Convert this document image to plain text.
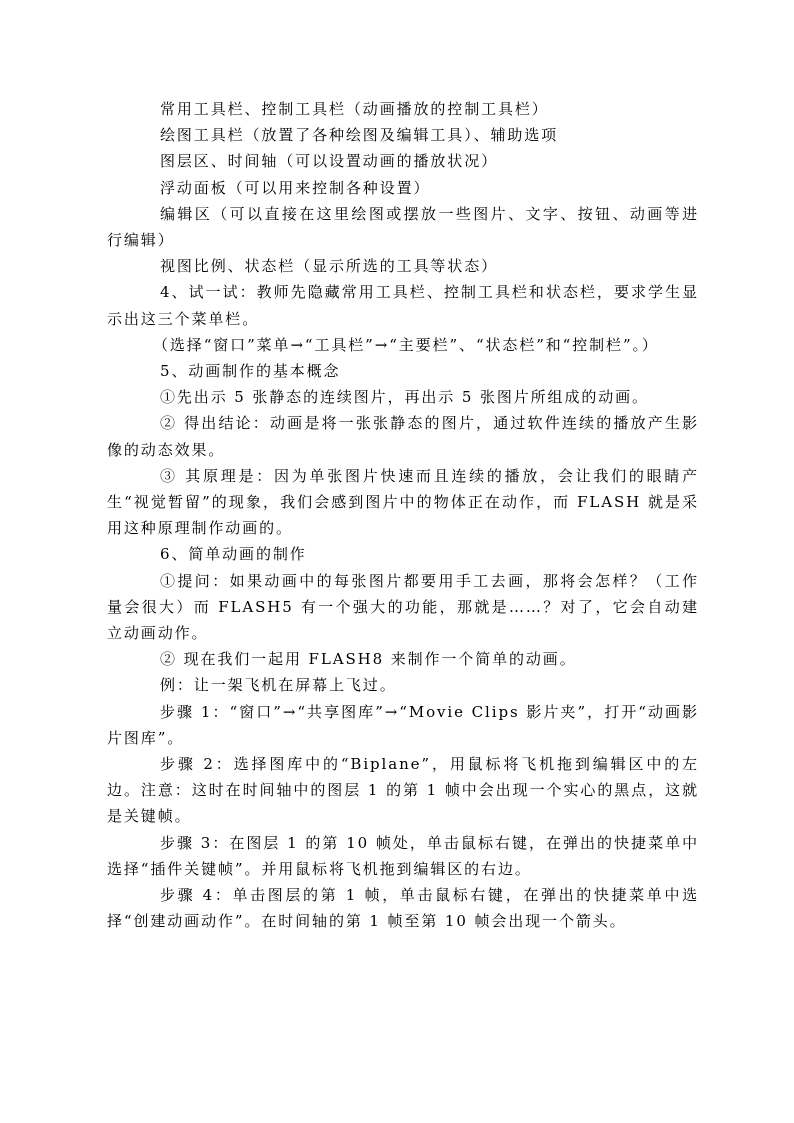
常用工具栏、控制工具栏（动画播放的控制工具栏）

绘图工具栏（放置了各种绘图及编辑工具）、辅助选项

图层区、时间轴（可以设置动画的播放状况）

浮动面板（可以用来控制各种设置）

编辑区（可以直接在这里绘图或摆放一些图片、文字、按钮、动画等进行编辑）

视图比例、状态栏（显示所选的工具等状态）

4、试一试：教师先隐藏常用工具栏、控制工具栏和状态栏，要求学生显示出这三个菜单栏。

（选择“窗口”菜单→“工具栏”→“主要栏”、“状态栏”和“控制栏”。）

5、动画制作的基本概念

①先出示 5 张静态的连续图片，再出示 5 张图片所组成的动画。

② 得出结论：动画是将一张张静态的图片，通过软件连续的播放产生影像的动态效果。

③ 其原理是：因为单张图片快速而且连续的播放，会让我们的眼睛产生“视觉暂留”的现象，我们会感到图片中的物体正在动作，而 FLASH 就是采用这种原理制作动画的。

6、简单动画的制作

①提问：如果动画中的每张图片都要用手工去画，那将会怎样？（工作量会很大）而 FLASH5 有一个强大的功能，那就是……？对了，它会自动建立动画动作。

② 现在我们一起用 FLASH8 来制作一个简单的动画。

例：让一架飞机在屏幕上飞过。

步骤 1：“窗口”→“共享图库”→“Movie Clips 影片夹”，打开“动画影片图库”。

步骤 2：选择图库中的“Biplane”，用鼠标将飞机拖到编辑区中的左边。注意：这时在时间轴中的图层 1 的第 1 帧中会出现一个实心的黑点，这就是关键帧。

步骤 3：在图层 1 的第 10 帧处，单击鼠标右键，在弹出的快捷菜单中选择“插件关键帧”。并用鼠标将飞机拖到编辑区的右边。

步骤 4：单击图层的第 1 帧，单击鼠标右键，在弹出的快捷菜单中选择“创建动画动作”。在时间轴的第 1 帧至第 10 帧会出现一个箭头。
